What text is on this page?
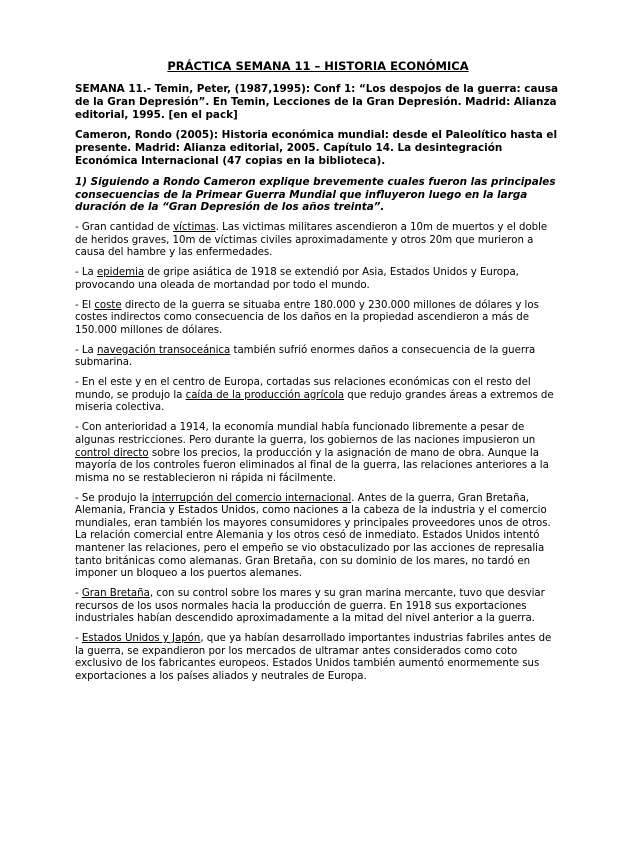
PRÁCTICA SEMANA 11 – HISTORIA ECONÓMICA
SEMANA 11.- Temin, Peter, (1987,1995): Conf 1: “Los despojos de la guerra: causa de la Gran Depresión”. En Temin, Lecciones de la Gran Depresión. Madrid: Alianza editorial, 1995. [en el pack]
Cameron, Rondo (2005): Historia económica mundial: desde el Paleolítico hasta el presente. Madrid: Alianza editorial, 2005. Capítulo 14. La desintegración Económica Internacional (47 copias en la biblioteca).
1) Siguiendo a Rondo Cameron explique brevemente cuales fueron las principales consecuencias de la Primear Guerra Mundial que influyeron luego en la larga duración de la “Gran Depresión de los años treinta”.
- Gran cantidad de víctimas. Las victimas militares ascendieron a 10m de muertos y el doble de heridos graves, 10m de víctimas civiles aproximadamente y otros 20m que murieron a causa del hambre y las enfermedades.
- La epidemia de gripe asiática de 1918 se extendió por Asia, Estados Unidos y Europa, provocando una oleada de mortandad por todo el mundo.
- El coste directo de la guerra se situaba entre 180.000 y 230.000 millones de dólares y los costes indirectos como consecuencia de los daños en la propiedad ascendieron a más de 150.000 millones de dólares.
- La navegación transoceánica también sufrió enormes daños a consecuencia de la guerra submarina.
- En el este y en el centro de Europa, cortadas sus relaciones económicas con el resto del mundo, se produjo la caída de la producción agrícola que redujo grandes áreas a extremos de miseria colectiva.
- Con anterioridad a 1914, la economía mundial había funcionado libremente a pesar de algunas restricciones. Pero durante la guerra, los gobiernos de las naciones impusieron un control directo sobre los precios, la producción y la asignación de mano de obra. Aunque la mayoría de los controles fueron eliminados al final de la guerra, las relaciones anteriores a la misma no se restablecieron ni rápida ni fácilmente.
- Se produjo la interrupción del comercio internacional. Antes de la guerra, Gran Bretaña, Alemania, Francia y Estados Unidos, como naciones a la cabeza de la industria y el comercio mundiales, eran también los mayores consumidores y principales proveedores unos de otros. La relación comercial entre Alemania y los otros cesó de inmediato. Estados Unidos intentó mantener las relaciones, pero el empeño se vio obstaculizado por las acciones de represalia tanto británicas como alemanas. Gran Bretaña, con su dominio de los mares, no tardó en imponer un bloqueo a los puertos alemanes.
- Gran Bretaña, con su control sobre los mares y su gran marina mercante, tuvo que desviar recursos de los usos normales hacia la producción de guerra. En 1918 sus exportaciones industriales habían descendido aproximadamente a la mitad del nivel anterior a la guerra.
- Estados Unidos y Japón, que ya habían desarrollado importantes industrias fabriles antes de la guerra, se expandieron por los mercados de ultramar antes considerados como coto exclusivo de los fabricantes europeos. Estados Unidos también aumentó enormemente sus exportaciones a los países aliados y neutrales de Europa.
